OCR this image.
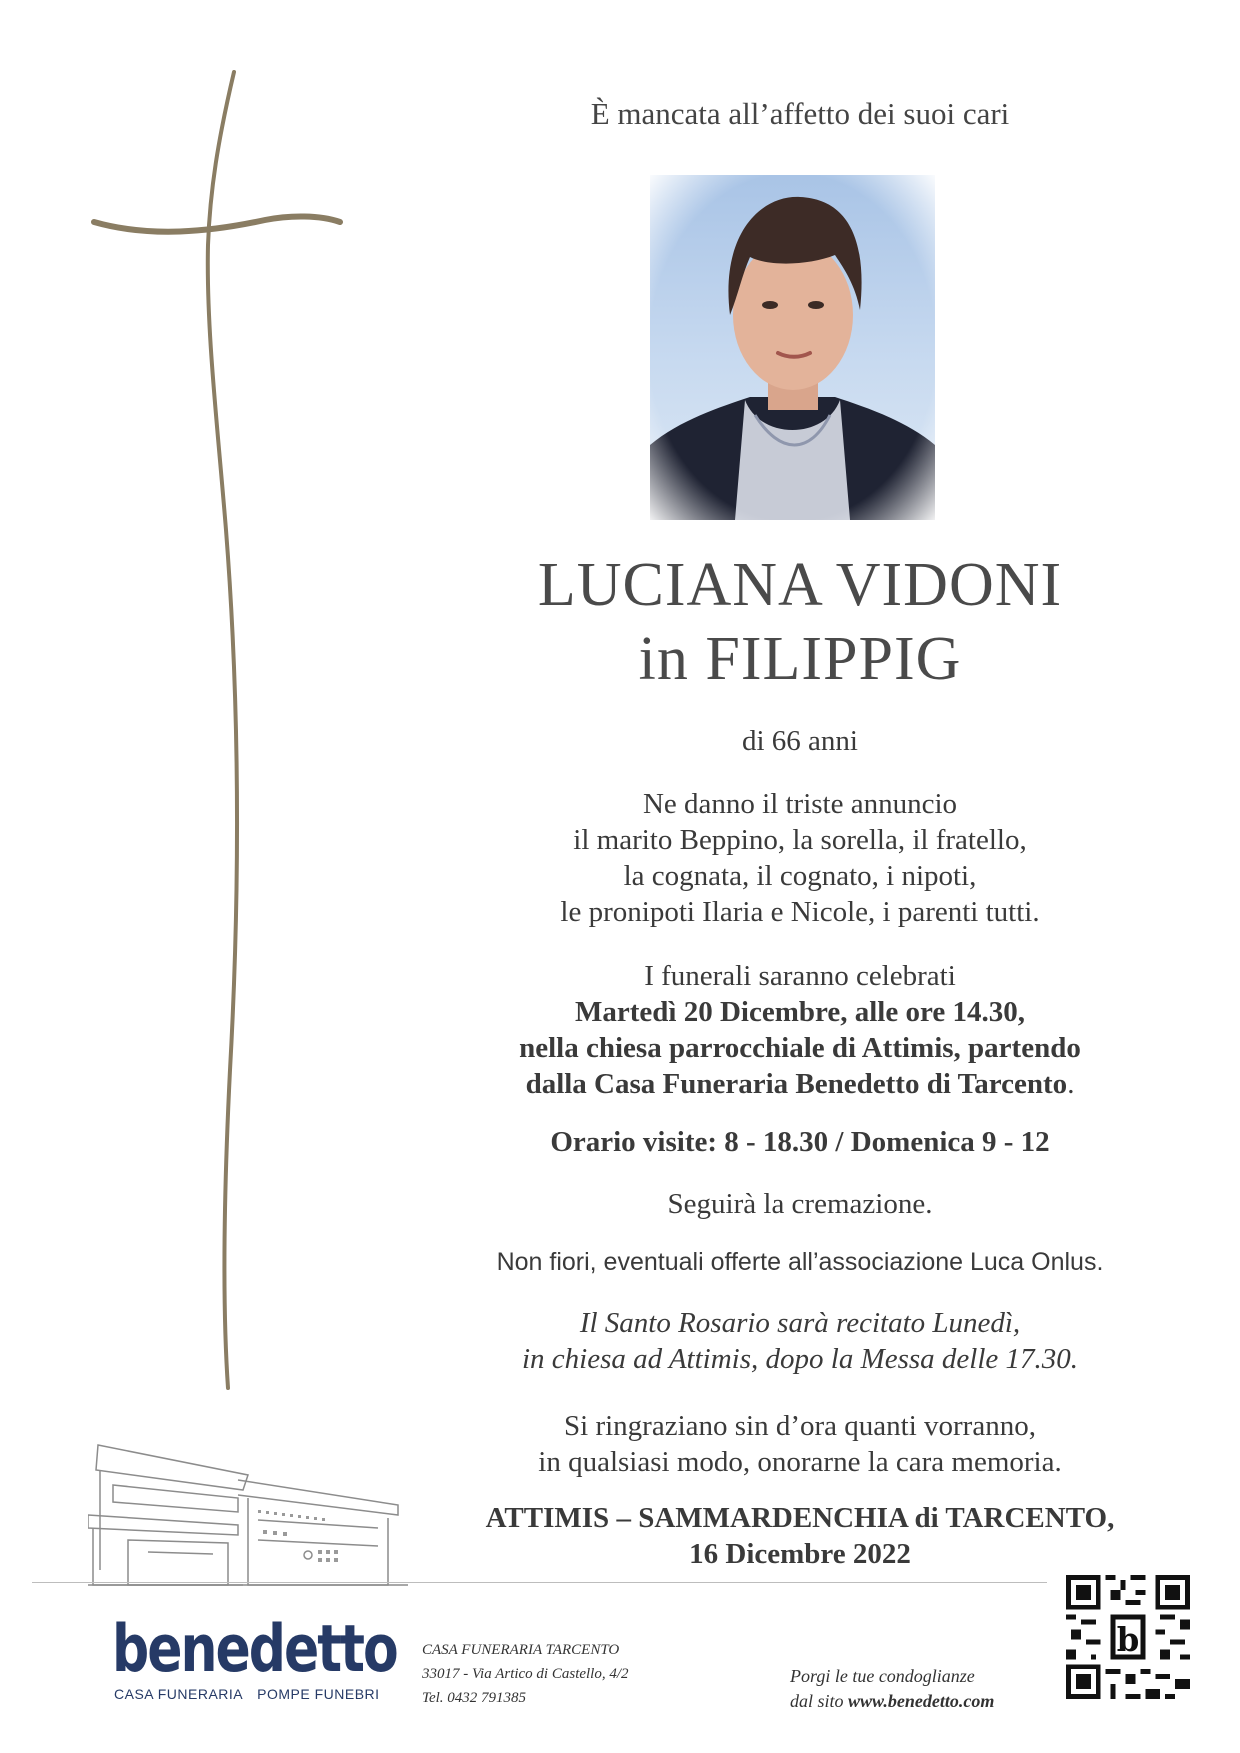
È mancata all’affetto dei suoi cari
LUCIANA VIDONI
in FILIPPIG
di 66 anni
Ne danno il triste annuncio
il marito Beppino, la sorella, il fratello,
la cognata, il cognato, i nipoti,
le pronipoti Ilaria e Nicole, i parenti tutti.
I funerali saranno celebrati
Martedì 20 Dicembre, alle ore 14.30,
nella chiesa parrocchiale di Attimis, partendo
dalla Casa Funeraria Benedetto di Tarcento.
Orario visite: 8 - 18.30 / Domenica 9 - 12
Seguirà la cremazione.
Non fiori, eventuali offerte all’associazione Luca Onlus.
Il Santo Rosario sarà recitato Lunedì,
in chiesa ad Attimis, dopo la Messa delle 17.30.
Si ringraziano sin d’ora quanti vorranno,
in qualsiasi modo, onorarne la cara memoria.
ATTIMIS – SAMMARDENCHIA di TARCENTO,
16 Dicembre 2022
benedetto
CASA FUNERARIA POMPE FUNEBRI
CASA FUNERARIA TARCENTO
33017 - Via Artico di Castello, 4/2
Tel. 0432 791385
Porgi le tue condoglianze
dal sito www.benedetto.com
b
